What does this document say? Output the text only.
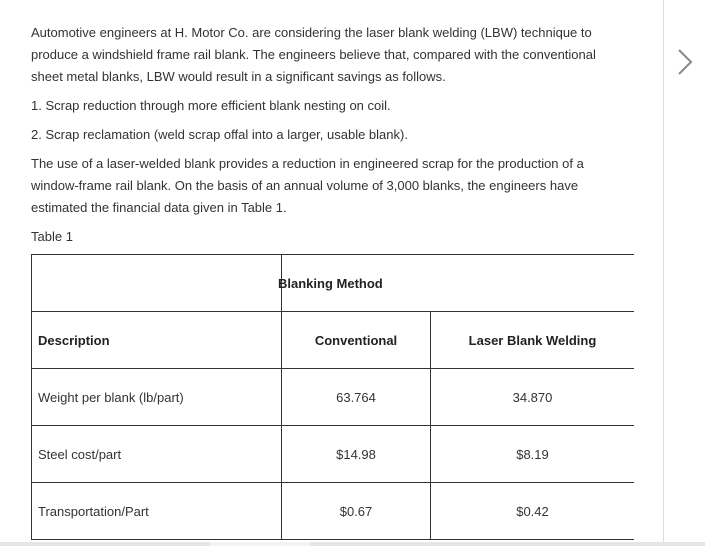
Automotive engineers at H. Motor Co. are considering the laser blank welding (LBW) technique to produce a windshield frame rail blank. The engineers believe that, compared with the conventional sheet metal blanks, LBW would result in a significant savings as follows.

1. Scrap reduction through more efficient blank nesting on coil.

2. Scrap reclamation (weld scrap offal into a larger, usable blank).

The use of a laser-welded blank provides a reduction in engineered scrap for the production of a window-frame rail blank. On the basis of an annual volume of 3,000 blanks, the engineers have estimated the financial data given in Table 1.

Table 1

	Blanking Method	
Description	Conventional	Laser Blank Welding
Weight per blank (lb/part)	63.764	34.870
Steel cost/part	$14.98	$8.19
Transportation/Part	$0.67	$0.42
